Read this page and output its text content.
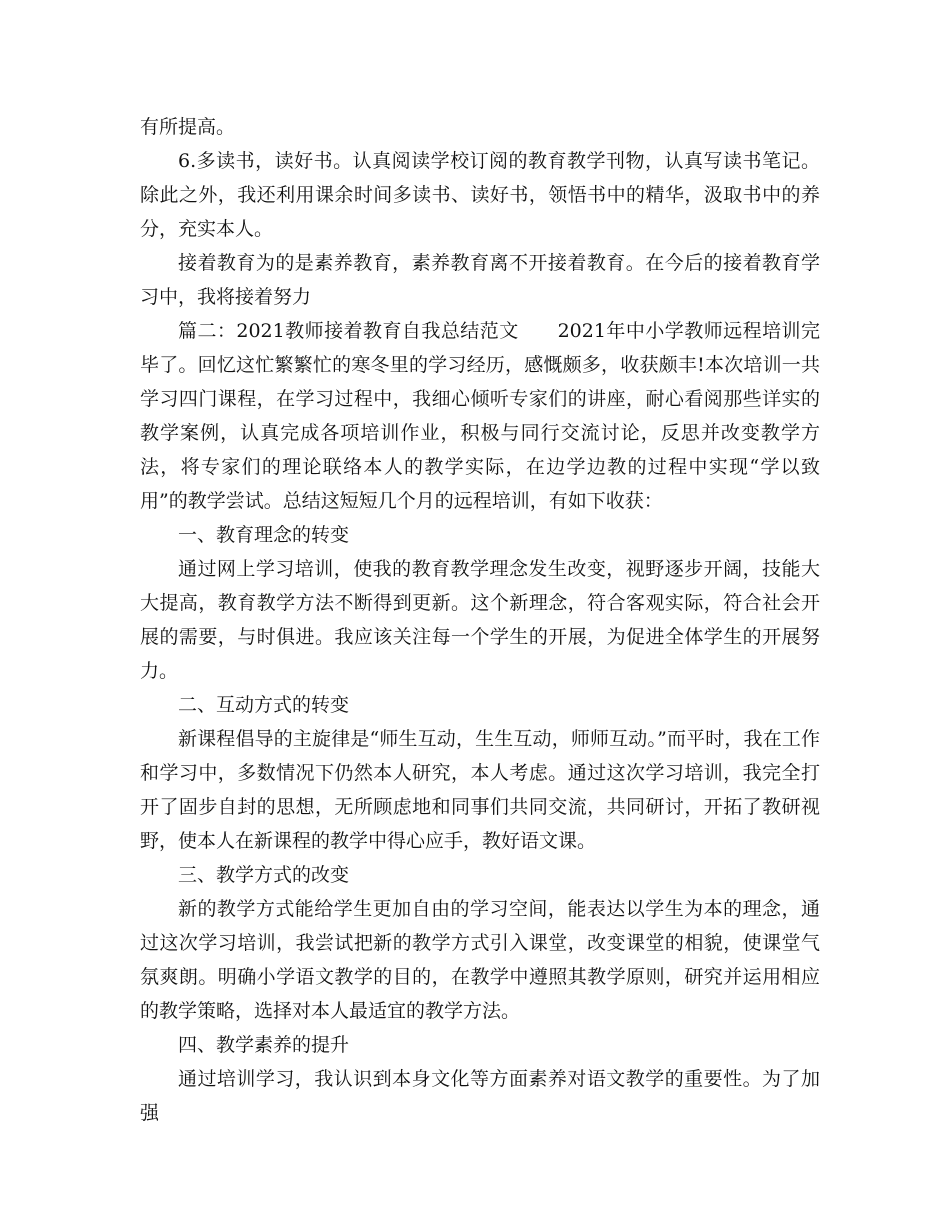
有所提高。

6.多读书，读好书。认真阅读学校订阅的教育教学刊物，认真写读书笔记。除此之外，我还利用课余时间多读书、读好书，领悟书中的精华，汲取书中的养分，充实本人。

接着教育为的是素养教育，素养教育离不开接着教育。在今后的接着教育学习中，我将接着努力

篇二：2021教师接着教育自我总结范文　　2021年中小学教师远程培训完毕了。回忆这忙繁繁忙的寒冬里的学习经历，感慨颇多，收获颇丰!本次培训一共学习四门课程，在学习过程中，我细心倾听专家们的讲座，耐心看阅那些详实的教学案例，认真完成各项培训作业，积极与同行交流讨论，反思并改变教学方法，将专家们的理论联络本人的教学实际，在边学边教的过程中实现“学以致用”的教学尝试。总结这短短几个月的远程培训，有如下收获：

一、教育理念的转变

通过网上学习培训，使我的教育教学理念发生改变，视野逐步开阔，技能大大提高，教育教学方法不断得到更新。这个新理念，符合客观实际，符合社会开展的需要，与时俱进。我应该关注每一个学生的开展，为促进全体学生的开展努力。

二、互动方式的转变

新课程倡导的主旋律是“师生互动，生生互动，师师互动。”而平时，我在工作和学习中，多数情况下仍然本人研究，本人考虑。通过这次学习培训，我完全打开了固步自封的思想，无所顾虑地和同事们共同交流，共同研讨，开拓了教研视野，使本人在新课程的教学中得心应手，教好语文课。

三、教学方式的改变

新的教学方式能给学生更加自由的学习空间，能表达以学生为本的理念，通过这次学习培训，我尝试把新的教学方式引入课堂，改变课堂的相貌，使课堂气氛爽朗。明确小学语文教学的目的，在教学中遵照其教学原则，研究并运用相应的教学策略，选择对本人最适宜的教学方法。

四、教学素养的提升

通过培训学习，我认识到本身文化等方面素养对语文教学的重要性。为了加强
